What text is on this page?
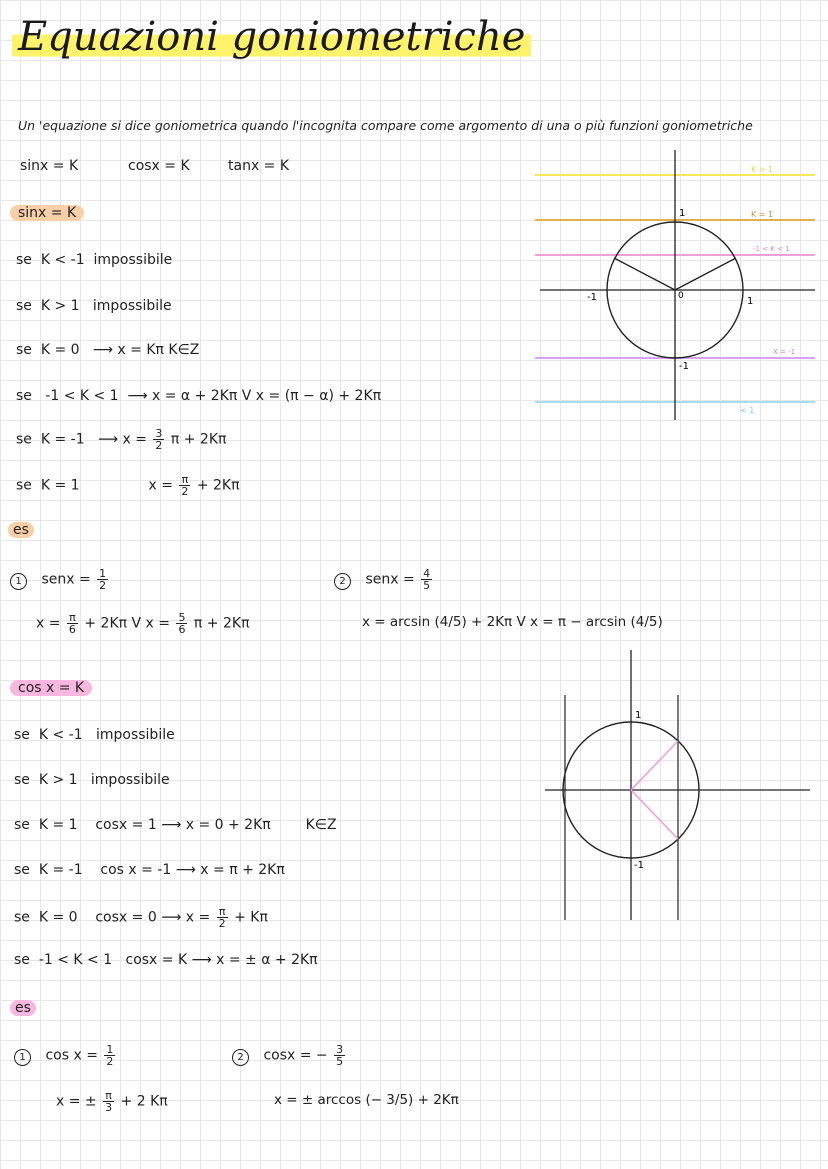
Equazioni goniometriche
Un 'equazione si dice goniometrica quando l'incognita compare come argomento di una o più funzioni goniometriche
sinx = K	cosx = K	tanx = K
sinx = K
se K < -1 impossibile
se K > 1 impossibile
se K = 0 ⟶ x = Kπ K∈Z
se -1 < K < 1 ⟶ x = α + 2Kπ V x = (π − α) + 2Kπ
se K = -1 ⟶ $x = \frac{3}{2}$ π + 2Kπ
se K = 1	$x = \frac{\pi}{2} + 2K\pi$
1
-1	1
0
-1
K > 1
K = 1
-1 < K < 1
X = -1
< 1
es
1 senx = $\frac{1}{2}$
$x = \frac{\pi}{6} + 2K\pi$ V $x = \frac{5}{6}$ π + 2Kπ
2 senx = $\frac{4}{5}$
x = arcsin (4/5) + 2Kπ V x = π − arcsin (4/5)
cos x = K
se K < -1 impossibile
se K > 1 impossibile
se K = 1 cosx = 1 ⟶ x = 0 + 2Kπ K∈Z
se K = -1 cos x = -1 ⟶ x = π + 2Kπ
se K = 0 cosx = 0 ⟶ $x = \frac{\pi}{2} + K\pi$
se -1 < K < 1 cosx = K ⟶ x = ± α + 2Kπ
1
-1
es
1 $\cos x = \frac{1}{2}$
x = ± $\frac{\pi}{3} + 2$ Kπ
2 cosx = − $\frac{3}{5}$
x = ± arccos (− 3/5) + 2Kπ
